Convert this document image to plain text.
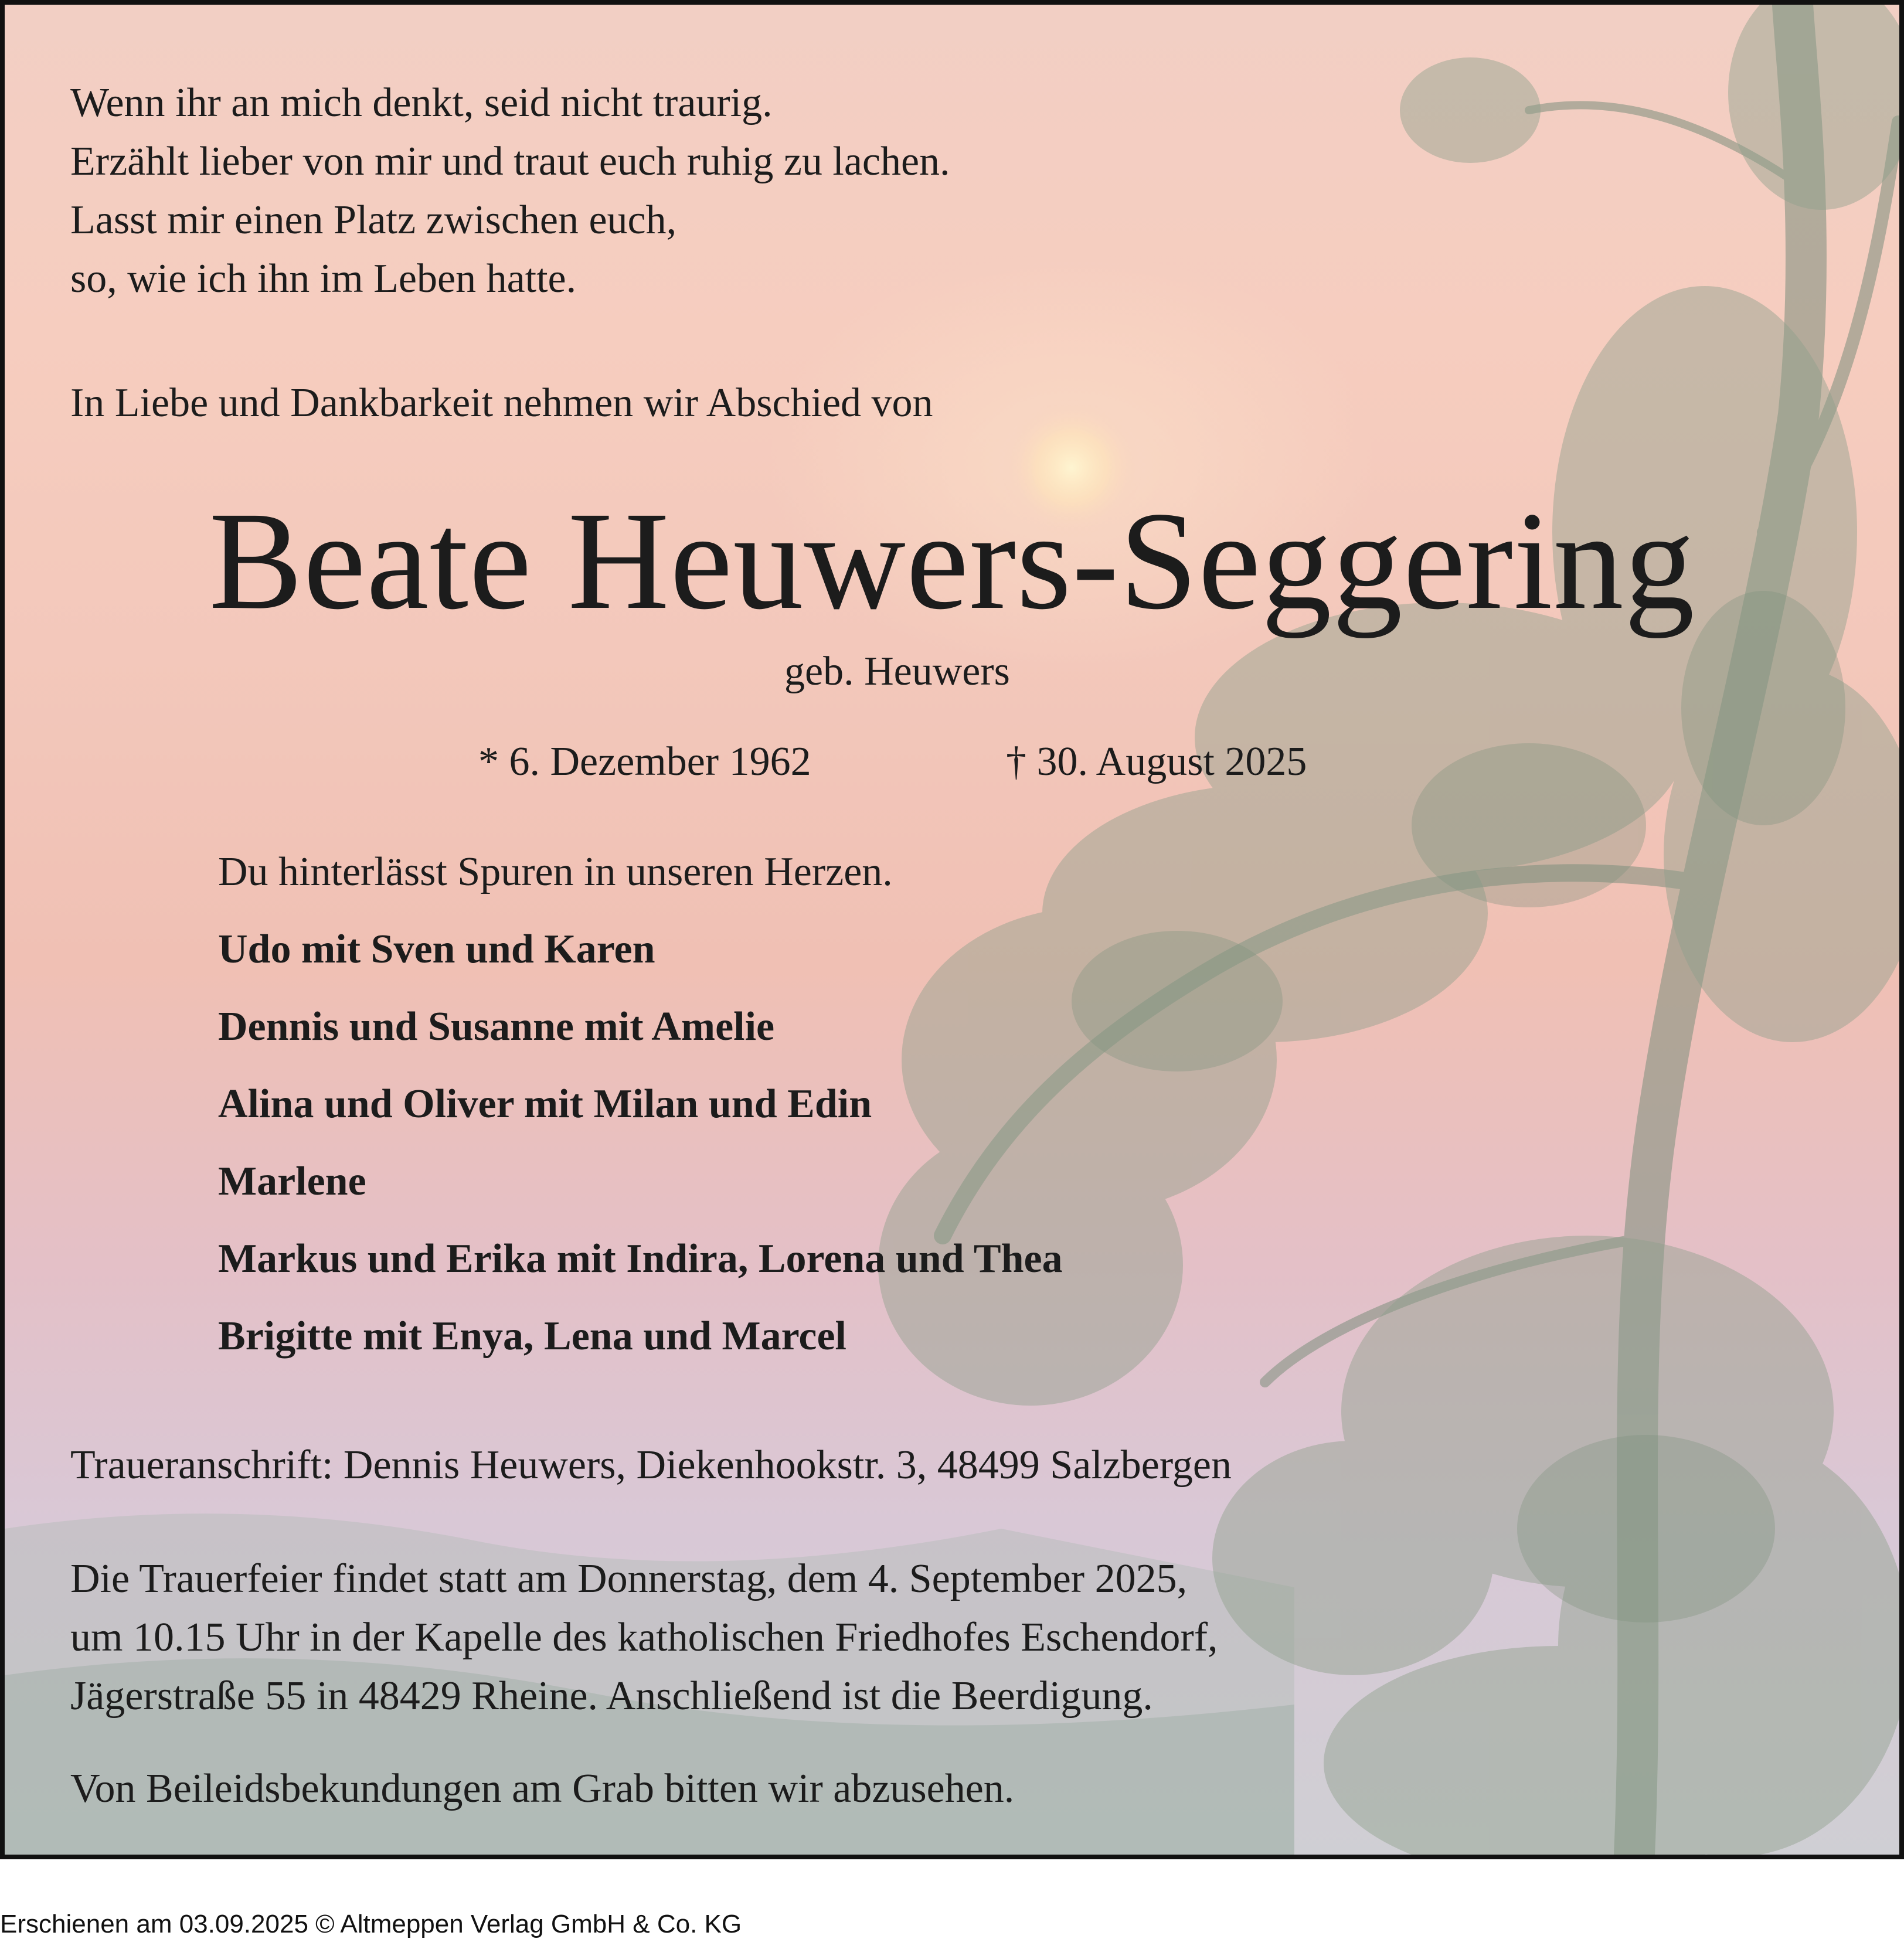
Wenn ihr an mich denkt, seid nicht traurig.
Erzählt lieber von mir und traut euch ruhig zu lachen.
Lasst mir einen Platz zwischen euch,
so, wie ich ihn im Leben hatte.

In Liebe und Dankbarkeit nehmen wir Abschied von

Beate Heuwers-Seggering

geb. Heuwers

* 6. Dezember 1962	† 30. August 2025

Du hinterlässt Spuren in unseren Herzen.

Udo mit Sven und Karen

Dennis und Susanne mit Amelie

Alina und Oliver mit Milan und Edin

Marlene

Markus und Erika mit Indira, Lorena und Thea

Brigitte mit Enya, Lena und Marcel

Traueranschrift: Dennis Heuwers, Diekenhookstr. 3, 48499 Salzbergen

Die Trauerfeier findet statt am Donnerstag, dem 4. September 2025,
um 10.15 Uhr in der Kapelle des katholischen Friedhofes Eschendorf,
Jägerstraße 55 in 48429 Rheine. Anschließend ist die Beerdigung.

Von Beileidsbekundungen am Grab bitten wir abzusehen.

Erschienen am 03.09.2025 © Altmeppen Verlag GmbH & Co. KG
